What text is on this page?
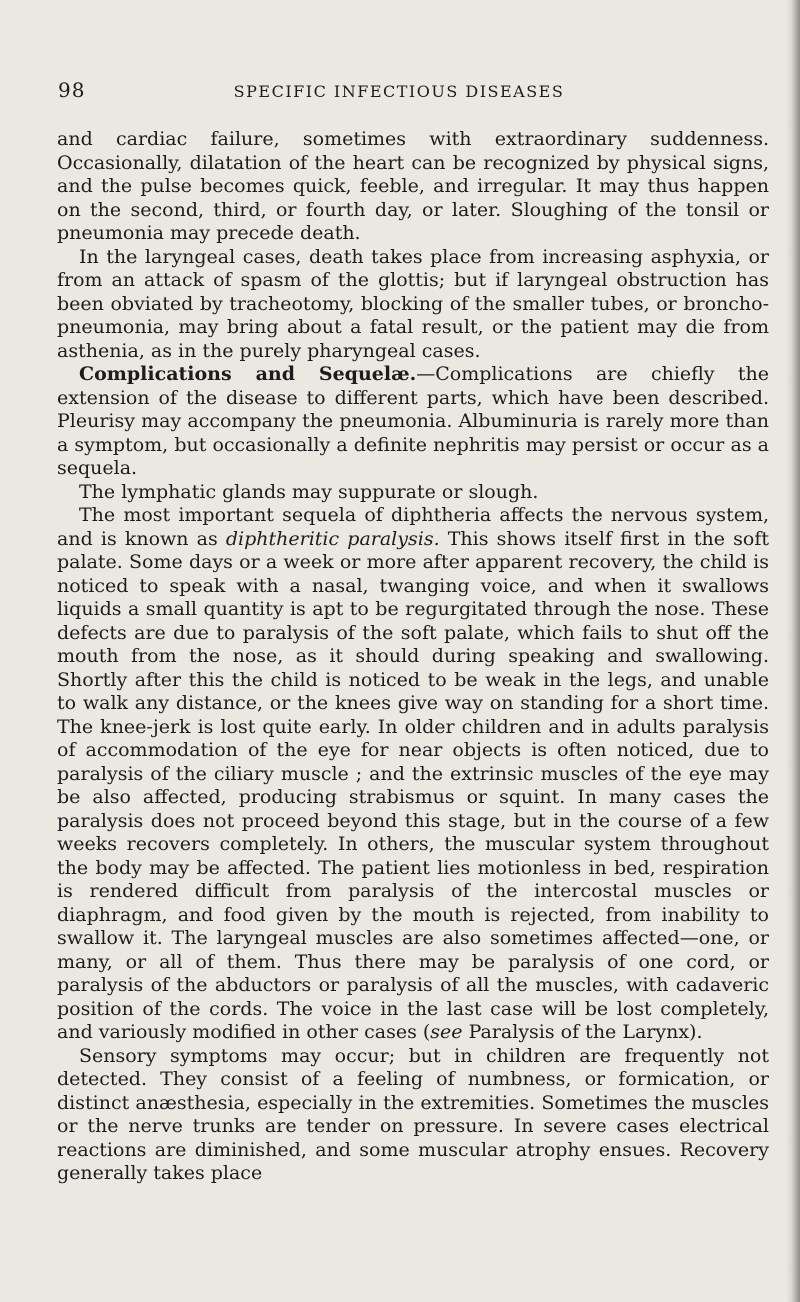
98	SPECIFIC INFECTIOUS DISEASES

and cardiac failure, sometimes with extraordinary suddenness. Occasionally, dilatation of the heart can be recognized by physical signs, and the pulse becomes quick, feeble, and irregular. It may thus happen on the second, third, or fourth day, or later. Sloughing of the tonsil or pneumonia may precede death.

In the laryngeal cases, death takes place from increasing asphyxia, or from an attack of spasm of the glottis; but if laryngeal obstruction has been obviated by tracheotomy, blocking of the smaller tubes, or broncho-pneumonia, may bring about a fatal result, or the patient may die from asthenia, as in the purely pharyngeal cases.

Complications and Sequelæ.—Complications are chiefly the extension of the disease to different parts, which have been described. Pleurisy may accompany the pneumonia. Albuminuria is rarely more than a symptom, but occasionally a definite nephritis may persist or occur as a sequela.

The lymphatic glands may suppurate or slough.

The most important sequela of diphtheria affects the nervous system, and is known as diphtheritic paralysis. This shows itself first in the soft palate. Some days or a week or more after apparent recovery, the child is noticed to speak with a nasal, twanging voice, and when it swallows liquids a small quantity is apt to be regurgitated through the nose. These defects are due to paralysis of the soft palate, which fails to shut off the mouth from the nose, as it should during speaking and swallowing. Shortly after this the child is noticed to be weak in the legs, and unable to walk any distance, or the knees give way on standing for a short time. The knee-jerk is lost quite early. In older children and in adults paralysis of accommodation of the eye for near objects is often noticed, due to paralysis of the ciliary muscle ; and the extrinsic muscles of the eye may be also affected, producing strabismus or squint. In many cases the paralysis does not proceed beyond this stage, but in the course of a few weeks recovers completely. In others, the muscular system throughout the body may be affected. The patient lies motionless in bed, respiration is rendered difficult from paralysis of the intercostal muscles or diaphragm, and food given by the mouth is rejected, from inability to swallow it. The laryngeal muscles are also sometimes affected—one, or many, or all of them. Thus there may be paralysis of one cord, or paralysis of the abductors or paralysis of all the muscles, with cadaveric position of the cords. The voice in the last case will be lost completely, and variously modified in other cases (see Paralysis of the Larynx).

Sensory symptoms may occur; but in children are frequently not detected. They consist of a feeling of numbness, or formication, or distinct anæsthesia, especially in the extremities. Sometimes the muscles or the nerve trunks are tender on pressure. In severe cases electrical reactions are diminished, and some muscular atrophy ensues. Recovery generally takes place
